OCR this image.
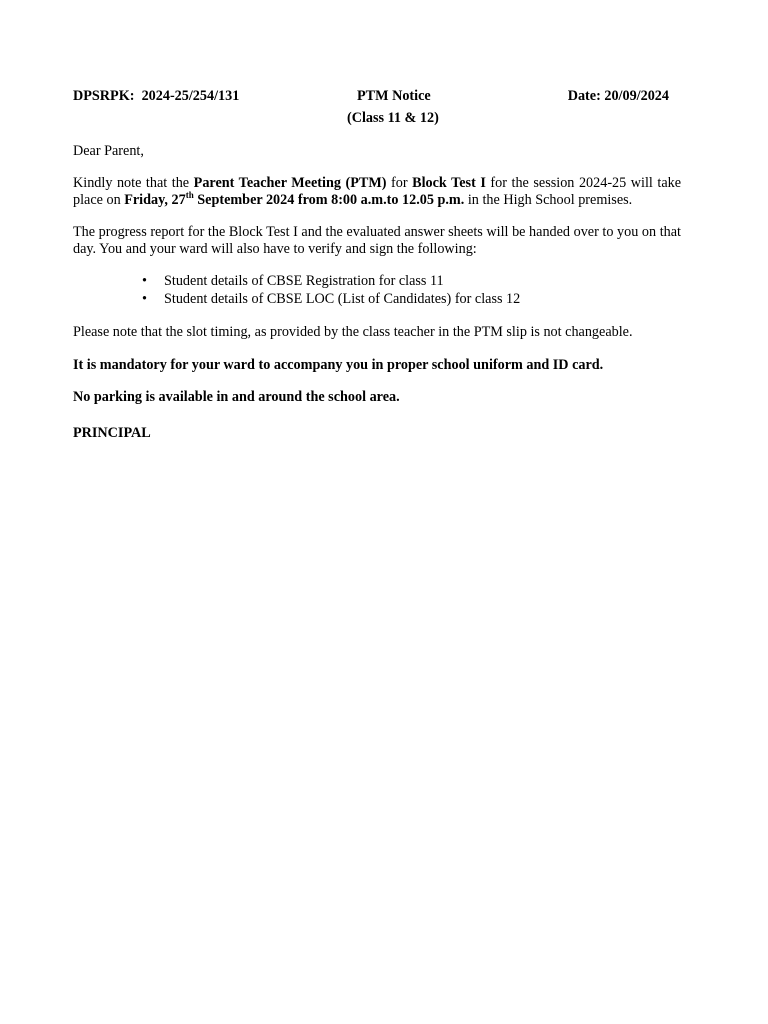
DPSRPK: 2024-25/254/131	PTM Notice	Date: 20/09/2024
(Class 11 & 12)
Dear Parent,
Kindly note that the Parent Teacher Meeting (PTM) for Block Test I for the session 2024-25 will take place on Friday, 27th September 2024 from 8:00 a.m.to 12.05 p.m. in the High School premises.
The progress report for the Block Test I and the evaluated answer sheets will be handed over to you on that day. You and your ward will also have to verify and sign the following:
• Student details of CBSE Registration for class 11
• Student details of CBSE LOC (List of Candidates) for class 12
Please note that the slot timing, as provided by the class teacher in the PTM slip is not changeable.
It is mandatory for your ward to accompany you in proper school uniform and ID card.
No parking is available in and around the school area.
PRINCIPAL
